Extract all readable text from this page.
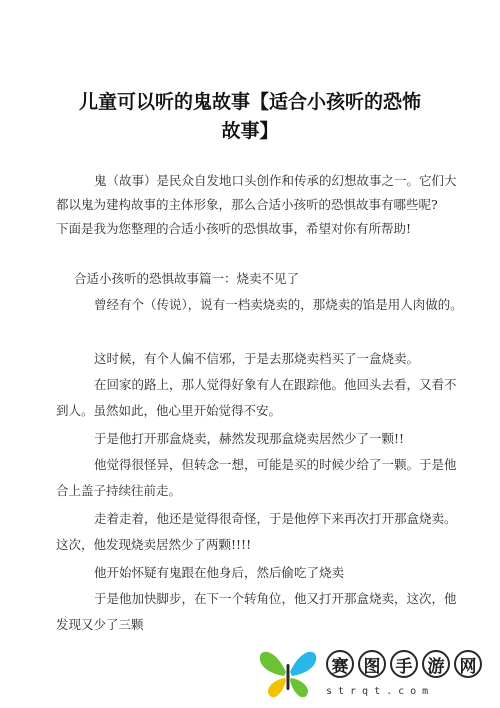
儿童可以听的鬼故事【适合小孩听的恐怖
故事】

鬼（故事）是民众自发地口头创作和传承的幻想故事之一。它们大

都以鬼为建构故事的主体形象，那么合适小孩听的恐惧故事有哪些呢?

下面是我为您整理的合适小孩听的恐惧故事，希望对你有所帮助!

合适小孩听的恐惧故事篇一：烧卖不见了

曾经有个（传说），说有一档卖烧卖的，那烧卖的馅是用人肉做的。

这时候，有个人偏不信邪，于是去那烧卖档买了一盒烧卖。

在回家的路上，那人觉得好象有人在跟踪他。他回头去看，又看不

到人。虽然如此，他心里开始觉得不安。

于是他打开那盒烧卖，赫然发现那盒烧卖居然少了一颗!!

他觉得很怪异，但转念一想，可能是买的时候少给了一颗。于是他

合上盖子持续往前走。

走着走着，他还是觉得很奇怪，于是他停下来再次打开那盒烧卖。

这次，他发现烧卖居然少了两颗!!!!

他开始怀疑有鬼跟在他身后，然后偷吃了烧卖

于是他加快脚步，在下一个转角位，他又打开那盒烧卖，这次，他

发现又少了三颗

赛 图 手 游 网
strqt.com
